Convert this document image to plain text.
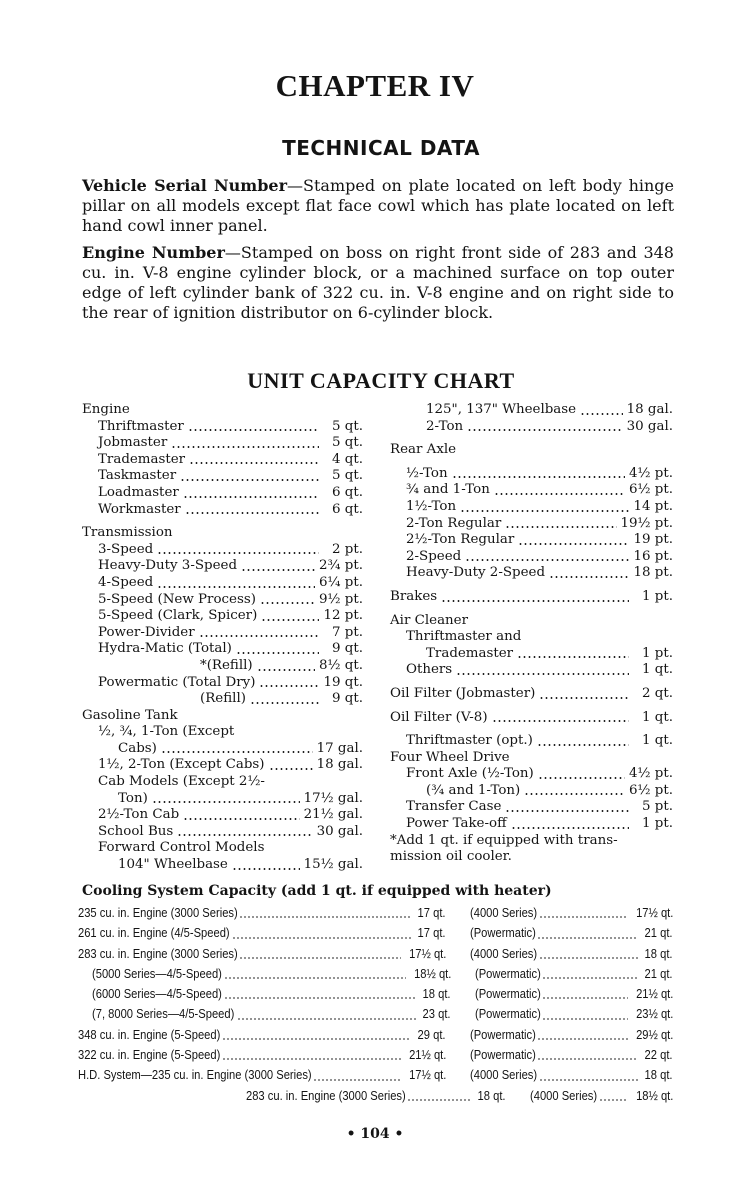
CHAPTER IV
TECHNICAL DATA
Vehicle Serial Number—Stamped on plate located on left body hinge pillar on all models except flat face cowl which has plate located on left hand cowl inner panel.
Engine Number—Stamped on boss on right front side of 283 and 348 cu. in. V-8 engine cylinder block, or a machined surface on top outer edge of left cylinder bank of 322 cu. in. V-8 engine and on right side to the rear of ignition distributor on 6-cylinder block.
UNIT CAPACITY CHART
Engine
Thriftmaster	5 qt.
Jobmaster	5 qt.
Trademaster	4 qt.
Taskmaster	5 qt.
Loadmaster	6 qt.
Workmaster	6 qt.
Transmission
3-Speed	2 pt.
Heavy-Duty 3-Speed	2¾ pt.
4-Speed	6¼ pt.
5-Speed (New Process)	9½ pt.
5-Speed (Clark, Spicer)	12 pt.
Power-Divider	7 pt.
Hydra-Matic (Total)	9 qt.
*(Refill)	8½ qt.
Powermatic (Total Dry)	19 qt.
(Refill)	9 qt.
Gasoline Tank
½, ¾, 1-Ton (Except
Cabs)	17 gal.
1½, 2-Ton (Except Cabs)	18 gal.
Cab Models (Except 2½-
Ton)	17½ gal.
2½-Ton Cab	21½ gal.
School Bus	30 gal.
Forward Control Models
104" Wheelbase	15½ gal.
125", 137" Wheelbase	18 gal.
2-Ton	30 gal.
Rear Axle
½-Ton	4½ pt.
¾ and 1-Ton	6½ pt.
1½-Ton	14 pt.
2-Ton Regular	19½ pt.
2½-Ton Regular	19 pt.
2-Speed	16 pt.
Heavy-Duty 2-Speed	18 pt.
Brakes	1 pt.
Air Cleaner
Thriftmaster and
Trademaster	1 pt.
Others	1 qt.
Oil Filter (Jobmaster)	2 qt.
Oil Filter (V-8)	1 qt.
Thriftmaster (opt.)	1 qt.
Four Wheel Drive
Front Axle (½-Ton)	4½ pt.
(¾ and 1-Ton)	6½ pt.
Transfer Case	5 pt.
Power Take-off	1 pt.
*Add 1 qt. if equipped with trans-
mission oil cooler.
Cooling System Capacity (add 1 qt. if equipped with heater)
235 cu. in. Engine (3000 Series)	17 qt. (4000 Series)	17½ qt.
261 cu. in. Engine (4/5-Speed)	17 qt. (Powermatic)	21 qt.
283 cu. in. Engine (3000 Series)	17½ qt. (4000 Series)	18 qt.
(5000 Series—4/5-Speed)	18½ qt. (Powermatic)	21 qt.
(6000 Series—4/5-Speed)	18 qt. (Powermatic)	21½ qt.
(7, 8000 Series—4/5-Speed)	23 qt. (Powermatic)	23½ qt.
348 cu. in. Engine (5-Speed)	29 qt. (Powermatic)	29½ qt.
322 cu. in. Engine (5-Speed)	21½ qt. (Powermatic)	22 qt.
H.D. System—235 cu. in. Engine (3000 Series)	17½ qt. (4000 Series)	18 qt.
283 cu. in. Engine (3000 Series)	18 qt. (4000 Series)	18½ qt.
• 104 •
